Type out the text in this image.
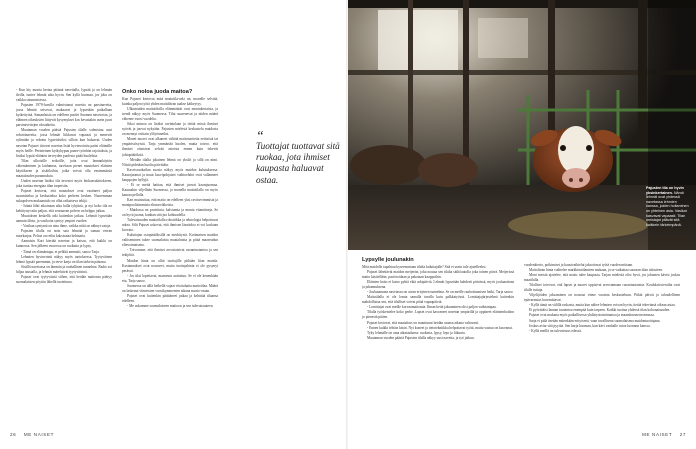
- Kun kiy monta kertaa pitämä navettalla, lypsää ja on lehmän tleilla, tuntee lehmät aika hyvin. Sen kyllä huomaa, jos joku on vaikka satunnaisessa.

Pajusten 1970-luvulla valmistunut navetta on parsinavetta, jossa lehmät seisovat, makaavat ja lypsetään paikallaan kytkettyinä. Samanlaisia on edelleen puolet Suomen navetoista, ja eläimen oikeuksien liittyvät kysymykset kos kevattakin usein juuri parsinavettojen olosuhteita.

Muutaman vuoden päästä Pajusten tilalle valmistuu uusi robottinavetta, jossa lehmät liikkuvat vapaasti ja menevät sylimään ja robotin lypsettäviksi silloin kun haluavat. Uuden navetan Pajuset tiirovat navetan lisää hyvinvointia paitsi eläimille myös heille. Perinteinen kytkyhypuu panee työnhön rajoituksia, ja lisäksi lypsät eläinten terveyden puolesta pitää huolehtia.

Tilan ulkoisille seikoille, joita ovat lannankäytön vähentäminen ja laidunnus, tarvitaan pienet muutokset eläinten käytökseen ja sisätiloihin, jotka voivat olla ensimmäisiä maatalouden parannuksia.

Uuden navetan lisäksi tila investoi myös biokaasulaitokseen, joka tuottaa energiaa tilan tarpeisiin.

Pajuset kertovat, että muutokset ovat vaatineet paljon suunnittelua ja keskustelua koko perheen kesken. Nuoremman sukupolven mukaantulo on ollut ratkaiseva tekijä.

- Isäntä lähti aikoinaan aika lailla tyhjästä, ja nyt koko tila on kehittynyt niin paljon, että seuraavan polven on helppo jatkaa.

Muutoksen keskellä arki kuitenkin jatkuu. Lehmät lypsetään aamuin illoin, ja vasikoita syntyy ympäri vuoden.

- Vasikan syntymä on aina ihme, vaikka niitä on nähnyt satoja.

Pajusten tilalla on noin sata lehmää ja saman verran nuorkarjaa. Peltoa on reilut kaksisataa hehtaaria.

Aamuisin Kari kiertää navetan ja katsoo, että kaikki on kunnossa. Sen jälkeen vuorossa on ruokinta ja lypsy.

- Tämä on elämäntapa, ei pelkkä ammatti, sanoo Tarja.

Lehmien hyvinvointi näkyy myös tuotoksessa. Tyytyväinen lehmä lypsää paremmin, ja terve karja on tilan tärkein pääoma.

Sisällä navetassa on lämmin ja rauhallinen tunnelma. Radio soi hiljaa taustalla, ja lehmät märehtivät tyytyväisinä.

Pajuset ovat tyytyväisiä siihen, että heidän maitonsa päätyy suomalaisten pöytiin lähellä tuotettuna.

Onko noloa juoda maitoa?

Kun Pajuset kertovat mitä maitotila-arki on, monelle selviää, kuinka paljon työtä yhden maitolitran taakse kätkeytyy.

Ulkomaiden maitotiloilla eläinmäärät ovat moninkertaisia, ja trendi näkyy myös Suomessa. Tilat suurenevat ja niiden määrä vähenee vuosi vuodelta.

Sikoi mimoa on lisäksi ravintolaan ja tietää missä ihmiset syövät ja juovat nykyään. Pajusten mielestä keskustelu maidosta on mennyt osittain ylilyönneiksi.

Monet nuoret ovat alkaneet välttää maitotuotteita eettisistä tai ympäristösyistä. Tarja ymmärtää huolen, mutta toivoo, että ihmiset ottaisivat selvää asioista ennen kuin tekevät johtopäätöksiä.

- Meidän tilalla jokainen lehmä on yksilö ja sillä on nimi. Niistä pidetään huolta päivittäin.

Kasvisruokailun suosio näkyy myös maidon kulutuksessa. Kaurajuomat ja muut kasvipohjaiset vaihtoehdot ovat vallanneet kauppojen hyllyjä.

- Ei se meitä haittaa, että ihmiset juovat kaurajuomaa. Kauraakin viljellään Suomessa, ja monella maitotilalla on myös kauraa pellolla.

Kari muistuttaa, että maito on edelleen yksi ravitsevimmista ja monipuolisimmista elintarvikkeista.

- Maidossa on proteiinia, kalsiumia ja monia vitamiineja. Se on hyvä juoma, kunhan sitä juo kohtuudella.

Tulevaisuuden maitotilalla robotiikka ja teknologia helpottavat arkea. Silti Pajuset uskovat, että ihmisen läsnäoloa ei voi koskaan korvata.

Kuluttajan ostopäätöksillä on merkitystä. Kotimaisen maidon valitseminen tukee suomalaista maataloutta ja pitää maaseudun elinvoimaisena.

- Toivomme, että ihmiset arvostaisivat ruoantuotantoa ja sen tekijöitä.

Maidon hinta on ollut tuottajille pitkään liian matala. Kustannukset ovat nousseet, mutta tuottajahinta ei ole pysynyt perässä.

- Jos tilat lopettavat, maaseutu autioituu. Se ei ole kenenkään etu, Tarja sanoo.

Suomessa on tällä hetkellä vajaat viisituhatta maitotilaa. Määrä on laskenut viimeisten vuosikymmenten aikana murto-osaan.

Pajuset ovat kuitenkin päättäneet jatkaa ja kehittää tilaansa edelleen.

- Me uskomme suomalaiseen maitoon ja sen tulevaisuuteen.

“
Tuottajat tuottavat sitä ruokaa, jota ihmiset kaupasta haluavat ostaa.
26 ME NAISET
Pajusten tila on hyvin yksinkertainen. Nämä lehmät ovat yhdessä navetassa lehmien kanssa, joiden hoitaminen on yhteinen asia. Vasikat kasvavat vapaasti. Tilan omistajat pitävät sitä kaikkein tärkeimpänä.
Lypsylle joulunakin

Mitä maidolle tapahtuu kyseenomaan tilalta kuluttajalle? Sitä ei usein tule ajatelleeksi.

Pajuset lähettävät maidon meijeriin, joka noutaa sen tilalta säiliöautolla joka toinen päivä. Meijerissä maito käsitellään, pastöroidaan ja pakataan kauppoihin.

Eläinten hoito ei katso pyhiä eikä arkipäiviä. Lehmät lypsetään kahdesti päivässä, myös jouluaattona ja juhannuksena.

- Jouluaamuna navetassa on aivan erityinen tunnelma. Se on meille rauhoittumisen hetki, Tarja sanoo.

Maitotilalla ei ole lomia samalla tavalla kuin palkkatyössä. Lomittajajärjestelmä kuitenkin mahdollistaa sen, että tilalliset voivat pitää vapaapäiviä.

- Lomittajat ovat meille korvaamattomia. Ilman heitä jaksaminen olisi paljon vaikeampaa.

Tilalla työskentelee koko perhe. Lapset ovat kasvaneet navetan ympärillä ja oppineet eläintenhoidon jo pienestä pitäen.

Pajuset kertovat, että maatalous on muuttunut heidän uransa aikana valtavasti.

- Ennen kaikki tehtiin käsin. Nyt koneet ja tietotekniikka helpottavat työtä, mutta vastuu on kasvanut.

Tyky lehmälle on oma aikataulunsa: ruokinta, lypsy, lepo ja liikunta.

Muutaman vuoden päästä Pajusten tilalla näkyy uusi navetta, ja työ jatkuu.

vuodenkierto, poikimiset ja kausivaihtelut jaksottavat työtä vuoden mittaan.

Maitolitran hinta vaihtelee markkinatilanteen mukaan, ja se vaikuttaa suoraan tilan talouteen.

Moni meistä ajattelee, että maito tulee kaupasta. Tarjan mielestä olisi hyvä, jos jokainen kävisi joskus maatilalla.

Tilalliset toivovat, että lapset ja nuoret oppisivat arvostamaan ruoantuotantoa. Koululaisvierailut ovat tilalle tuttuja.

Viljelijöiden jaksaminen on noussut viime vuosina keskusteluun. Pitkät päivät ja taloudellinen epävarmuus kuormittavat.

- Kyllä tämä on välillä raskasta, mutta kun näkee lehmien voivan hyvin, tietää tekevänsä oikeaa asiaa.

Ei pyörittäisi lannan tuotantoa enempää kuin tarpeen. Kaikki tuottaa yhdessä tilan kokonaisuuden.

Pajuset ovat mukana myös paikallisessa yhdistystoiminnassa ja maatalousneuvonnassa.

Sarja ei pidä itseään mitenkään erityisenä, vaan tavallisena suomalaisena maidontuottajana.

Joskus aviar sitä pyytää. Sen harja huomaa, kun kävi vanhalle ostoa luonnon kanssa.

- Kyllä meillä on tulevaisuus edessä.

ME NAISET 27
